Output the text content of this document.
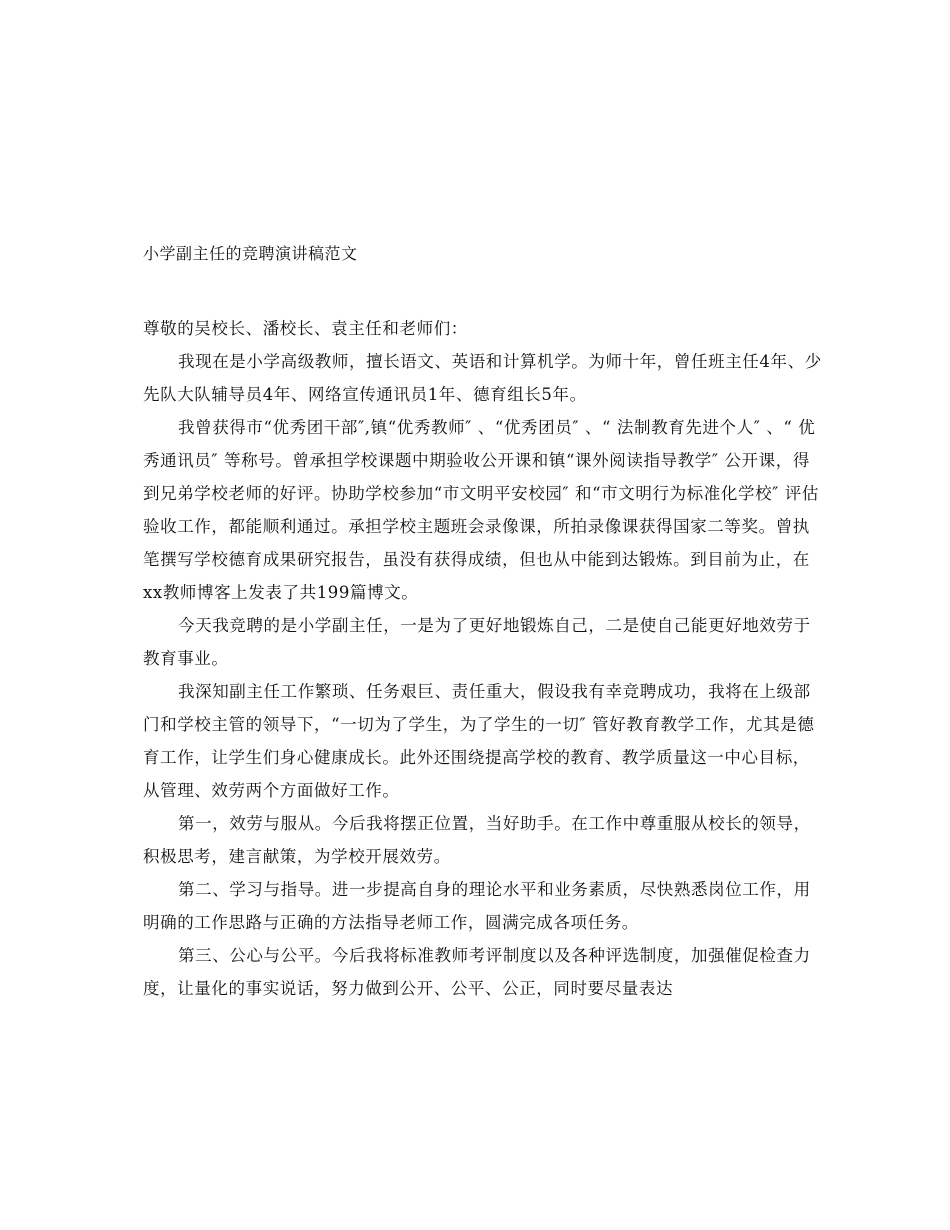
小学副主任的竞聘演讲稿范文

尊敬的吴校长、潘校长、袁主任和老师们：

我现在是小学高级教师，擅长语文、英语和计算机学。为师十年，曾任班主任4年、少先队大队辅导员4年、网络宣传通讯员1年、德育组长5年。

我曾获得市“优秀团干部″,镇“优秀教师″ 、“优秀团员″ 、“ 法制教育先进个人″ 、“ 优秀通讯员″ 等称号。曾承担学校课题中期验收公开课和镇“课外阅读指导教学″ 公开课，得到兄弟学校老师的好评。协助学校参加“市文明平安校园″ 和“市文明行为标准化学校″ 评估验收工作，都能顺利通过。承担学校主题班会录像课，所拍录像课获得国家二等奖。曾执笔撰写学校德育成果研究报告，虽没有获得成绩，但也从中能到达锻炼。到目前为止，在xx教师博客上发表了共199篇博文。

今天我竞聘的是小学副主任，一是为了更好地锻炼自己，二是使自己能更好地效劳于教育事业。

我深知副主任工作繁琐、任务艰巨、责任重大，假设我有幸竞聘成功，我将在上级部门和学校主管的领导下，“一切为了学生，为了学生的一切″ 管好教育教学工作，尤其是德育工作，让学生们身心健康成长。此外还围绕提高学校的教育、教学质量这一中心目标，从管理、效劳两个方面做好工作。

第一，效劳与服从。今后我将摆正位置，当好助手。在工作中尊重服从校长的领导，积极思考，建言献策，为学校开展效劳。

第二、学习与指导。进一步提高自身的理论水平和业务素质，尽快熟悉岗位工作，用明确的工作思路与正确的方法指导老师工作，圆满完成各项任务。

第三、公心与公平。今后我将标准教师考评制度以及各种评选制度，加强催促检查力度，让量化的事实说话，努力做到公开、公平、公正，同时要尽量表达
